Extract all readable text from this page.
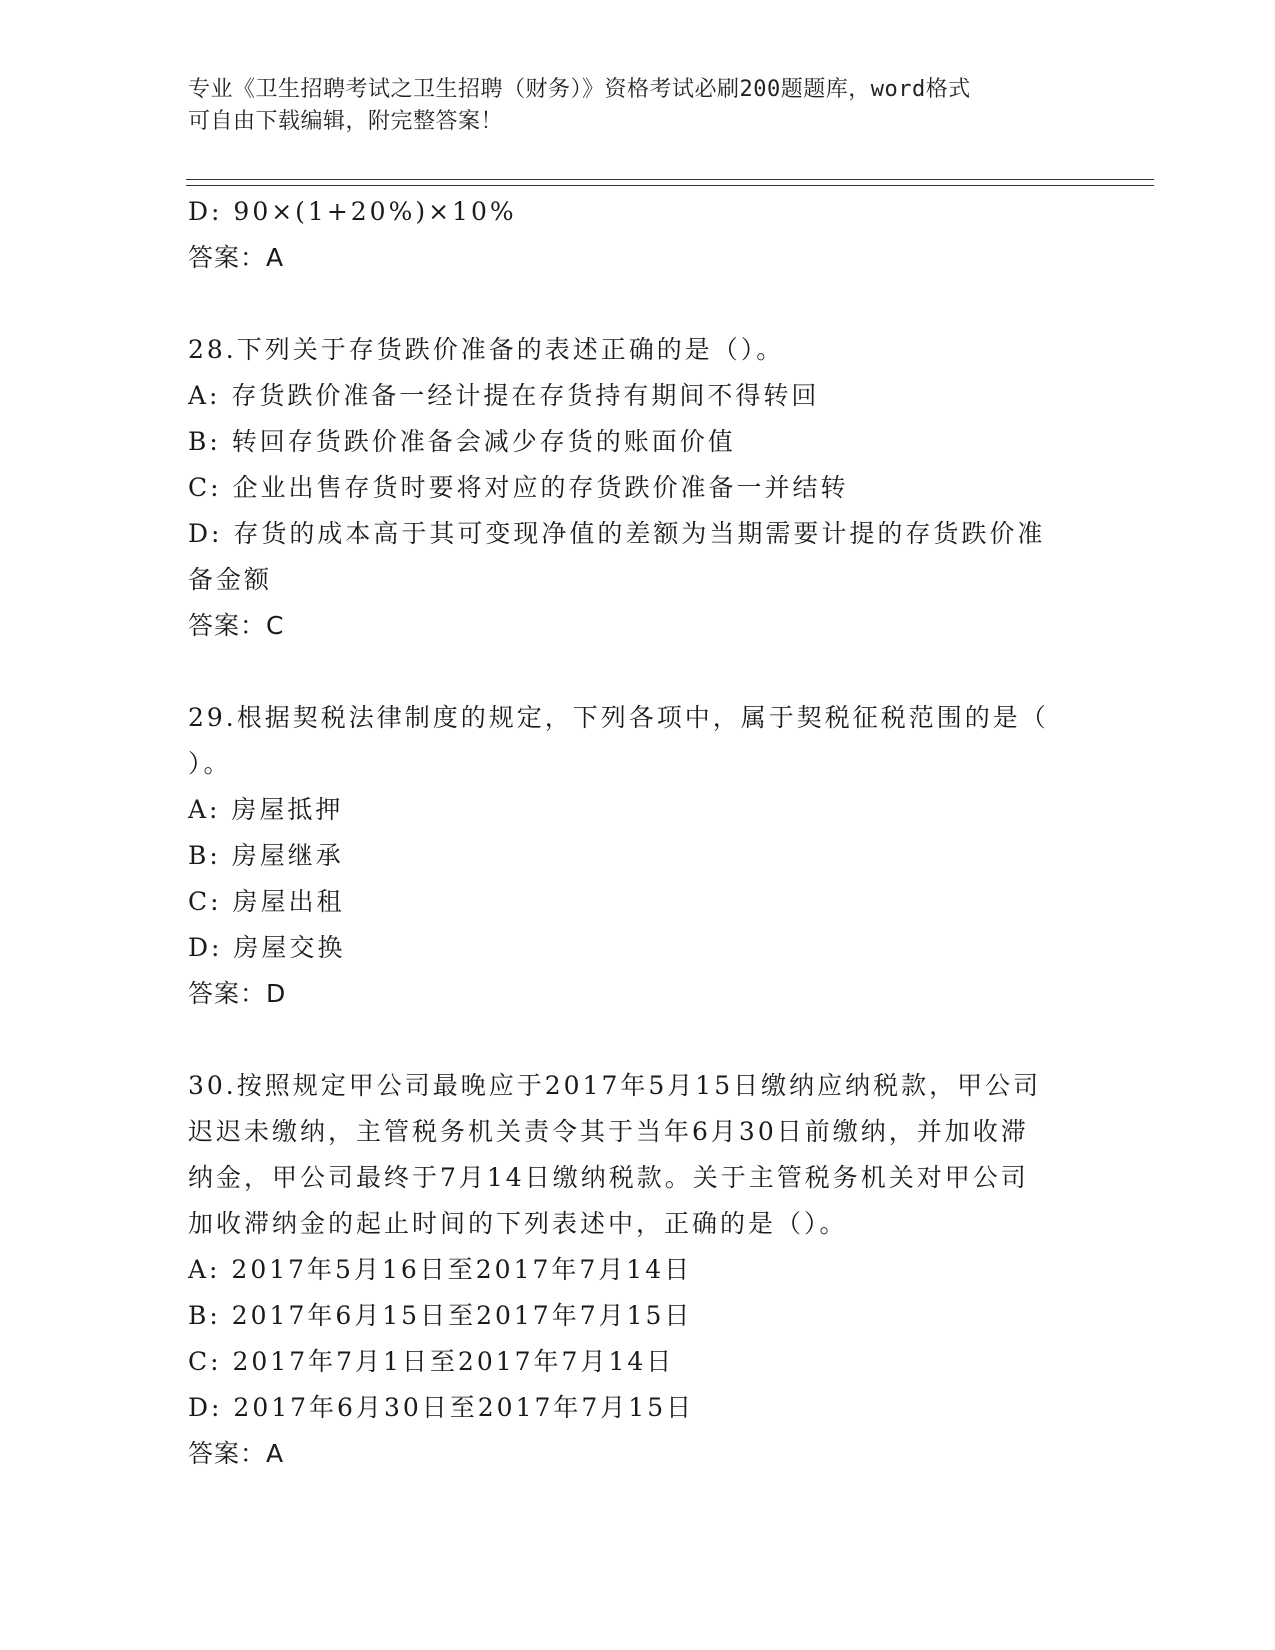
专业《卫生招聘考试之卫生招聘（财务）》资格考试必刷200题题库，word格式
可自由下载编辑，附完整答案！
D: 90×(1+20%)×10%
答案：A
28.下列关于存货跌价准备的表述正确的是（）。
A: 存货跌价准备一经计提在存货持有期间不得转回
B: 转回存货跌价准备会减少存货的账面价值
C: 企业出售存货时要将对应的存货跌价准备一并结转
D: 存货的成本高于其可变现净值的差额为当期需要计提的存货跌价准
备金额
答案：C
29.根据契税法律制度的规定，下列各项中，属于契税征税范围的是（
）。
A: 房屋抵押
B: 房屋继承
C: 房屋出租
D: 房屋交换
答案：D
30.按照规定甲公司最晚应于2017年5月15日缴纳应纳税款，甲公司
迟迟未缴纳，主管税务机关责令其于当年6月30日前缴纳，并加收滞
纳金，甲公司最终于7月14日缴纳税款。关于主管税务机关对甲公司
加收滞纳金的起止时间的下列表述中，正确的是（）。
A: 2017年5月16日至2017年7月14日
B: 2017年6月15日至2017年7月15日
C: 2017年7月1日至2017年7月14日
D: 2017年6月30日至2017年7月15日
答案：A
